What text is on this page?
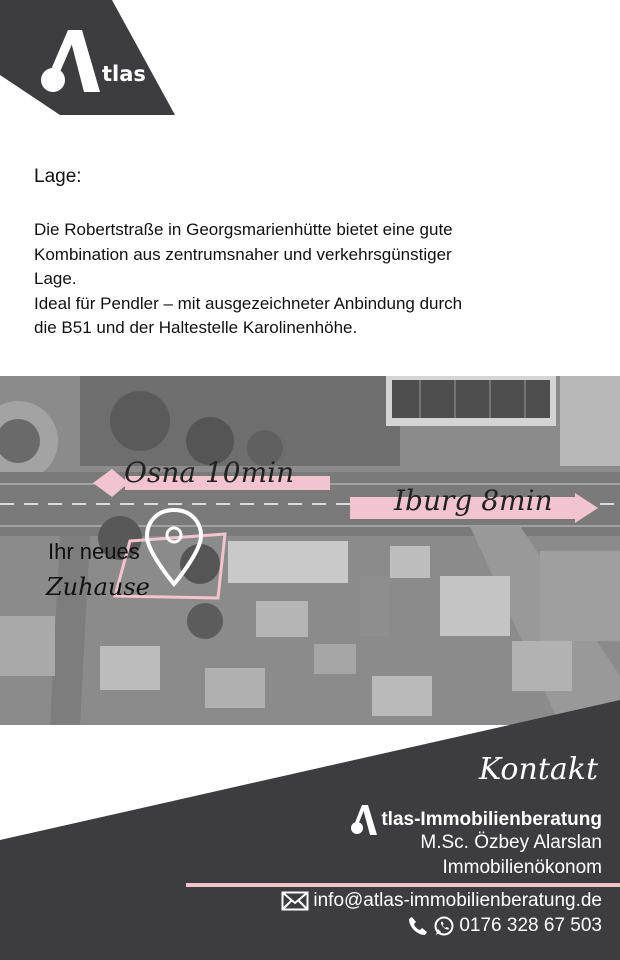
tlas
Lage:
Die Robertstraße in Georgsmarienhütte bietet eine gute
Kombination aus zentrumsnaher und verkehrsgünstiger
Lage.
Ideal für Pendler – mit ausgezeichneter Anbindung durch
die B51 und der Haltestelle Karolinenhöhe.
Osna 10min
Iburg 8min
Ihr neues
Zuhause
Kontakt
tlas-Immobilienberatung
M.Sc. Özbey Alarslan
Immobilienökonom
info@atlas-immobilienberatung.de
0176 328 67 503
